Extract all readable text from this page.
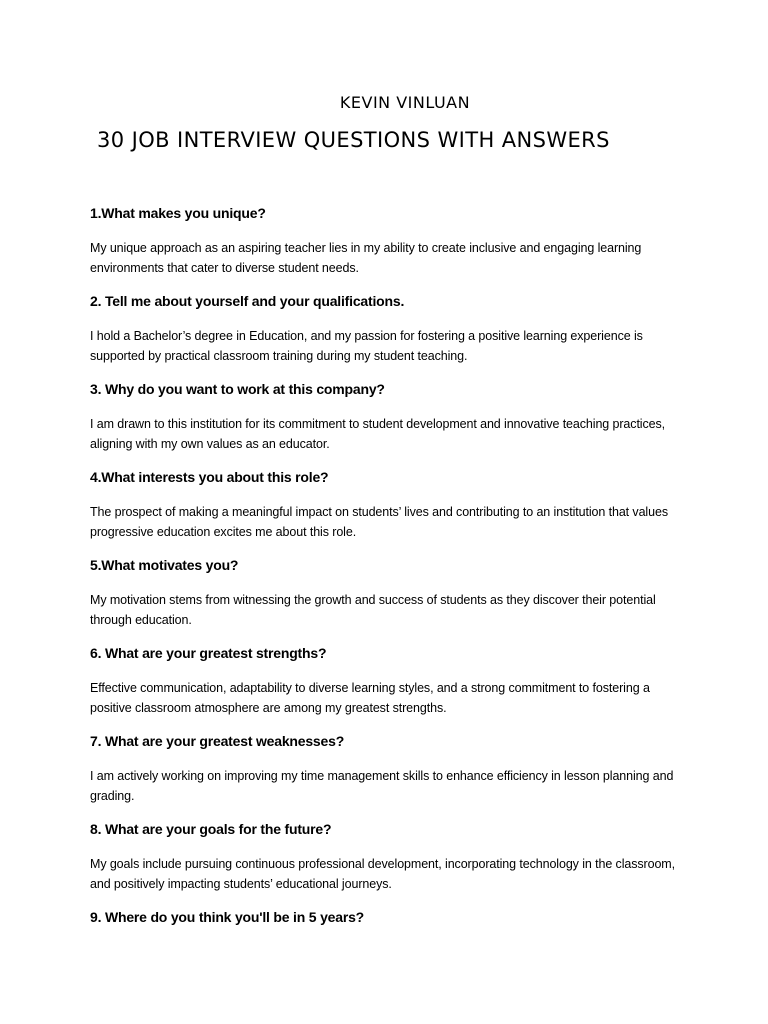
KEVIN VINLUAN
30 JOB INTERVIEW QUESTIONS WITH ANSWERS
1.What makes you unique?
My unique approach as an aspiring teacher lies in my ability to create inclusive and engaging learning environments that cater to diverse student needs.
2. Tell me about yourself and your qualifications.
I hold a Bachelor’s degree in Education, and my passion for fostering a positive learning experience is supported by practical classroom training during my student teaching.
3. Why do you want to work at this company?
I am drawn to this institution for its commitment to student development and innovative teaching practices, aligning with my own values as an educator.
4.What interests you about this role?
The prospect of making a meaningful impact on students’ lives and contributing to an institution that values progressive education excites me about this role.
5.What motivates you?
My motivation stems from witnessing the growth and success of students as they discover their potential through education.
6. What are your greatest strengths?
Effective communication, adaptability to diverse learning styles, and a strong commitment to fostering a positive classroom atmosphere are among my greatest strengths.
7. What are your greatest weaknesses?
I am actively working on improving my time management skills to enhance efficiency in lesson planning and grading.
8. What are your goals for the future?
My goals include pursuing continuous professional development, incorporating technology in the classroom, and positively impacting students’ educational journeys.
9. Where do you think you'll be in 5 years?
